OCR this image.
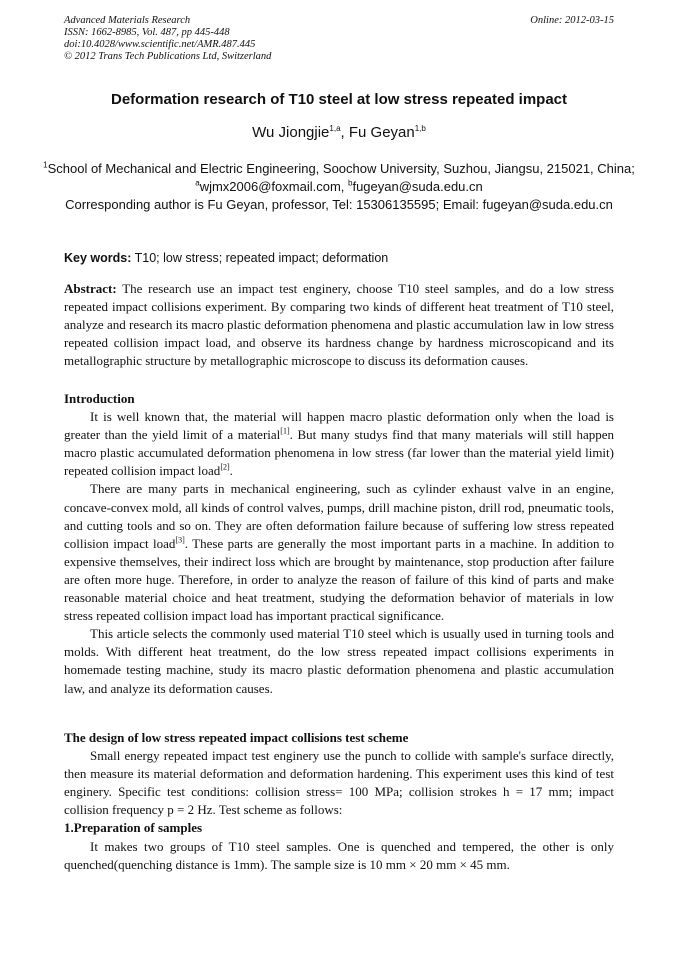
Advanced Materials Research
ISSN: 1662-8985, Vol. 487, pp 445-448
doi:10.4028/www.scientific.net/AMR.487.445
© 2012 Trans Tech Publications Ltd, Switzerland
Online: 2012-03-15
Deformation research of T10 steel at low stress repeated impact
Wu Jiongjie$^{1,a}$, Fu Geyan$^{1,b}$
$^1$School of Mechanical and Electric Engineering, Soochow University, Suzhou, Jiangsu, 215021, China;
$^a$wjmx2006@foxmail.com, $^b$fugeyan@suda.edu.cn
Corresponding author is Fu Geyan, professor, Tel: 15306135595; Email: fugeyan@suda.edu.cn
Key words: T10; low stress; repeated impact; deformation

Abstract: The research use an impact test enginery, choose T10 steel samples, and do a low stress repeated impact collisions experiment. By comparing two kinds of different heat treatment of T10 steel, analyze and research its macro plastic deformation phenomena and plastic accumulation law in low stress repeated collision impact load, and observe its hardness change by hardness microscopicand and its metallographic structure by metallographic microscope to discuss its deformation causes.

Introduction

It is well known that, the material will happen macro plastic deformation only when the load is greater than the yield limit of a material[1]. But many studys find that many materials will still happen macro plastic accumulated deformation phenomena in low stress (far lower than the material yield limit) repeated collision impact load[2].

There are many parts in mechanical engineering, such as cylinder exhaust valve in an engine, concave-convex mold, all kinds of control valves, pumps, drill machine piston, drill rod, pneumatic tools, and cutting tools and so on. They are often deformation failure because of suffering low stress repeated collision impact load[3]. These parts are generally the most important parts in a machine. In addition to expensive themselves, their indirect loss which are brought by maintenance, stop production after failure are often more huge. Therefore, in order to analyze the reason of failure of this kind of parts and make reasonable material choice and heat treatment, studying the deformation behavior of materials in low stress repeated collision impact load has important practical significance.

This article selects the commonly used material T10 steel which is usually used in turning tools and molds. With different heat treatment, do the low stress repeated impact collisions experiments in homemade testing machine, study its macro plastic deformation phenomena and plastic accumulation law, and analyze its deformation causes.

The design of low stress repeated impact collisions test scheme

Small energy repeated impact test enginery use the punch to collide with sample's surface directly, then measure its material deformation and deformation hardening. This experiment uses this kind of test enginery. Specific test conditions: collision stress= 100 MPa; collision strokes h = 17 mm; impact collision frequency p = 2 Hz. Test scheme as follows:

1.Preparation of samples

It makes two groups of T10 steel samples. One is quenched and tempered, the other is only quenched(quenching distance is 1mm). The sample size is 10 mm × 20 mm × 45 mm.
